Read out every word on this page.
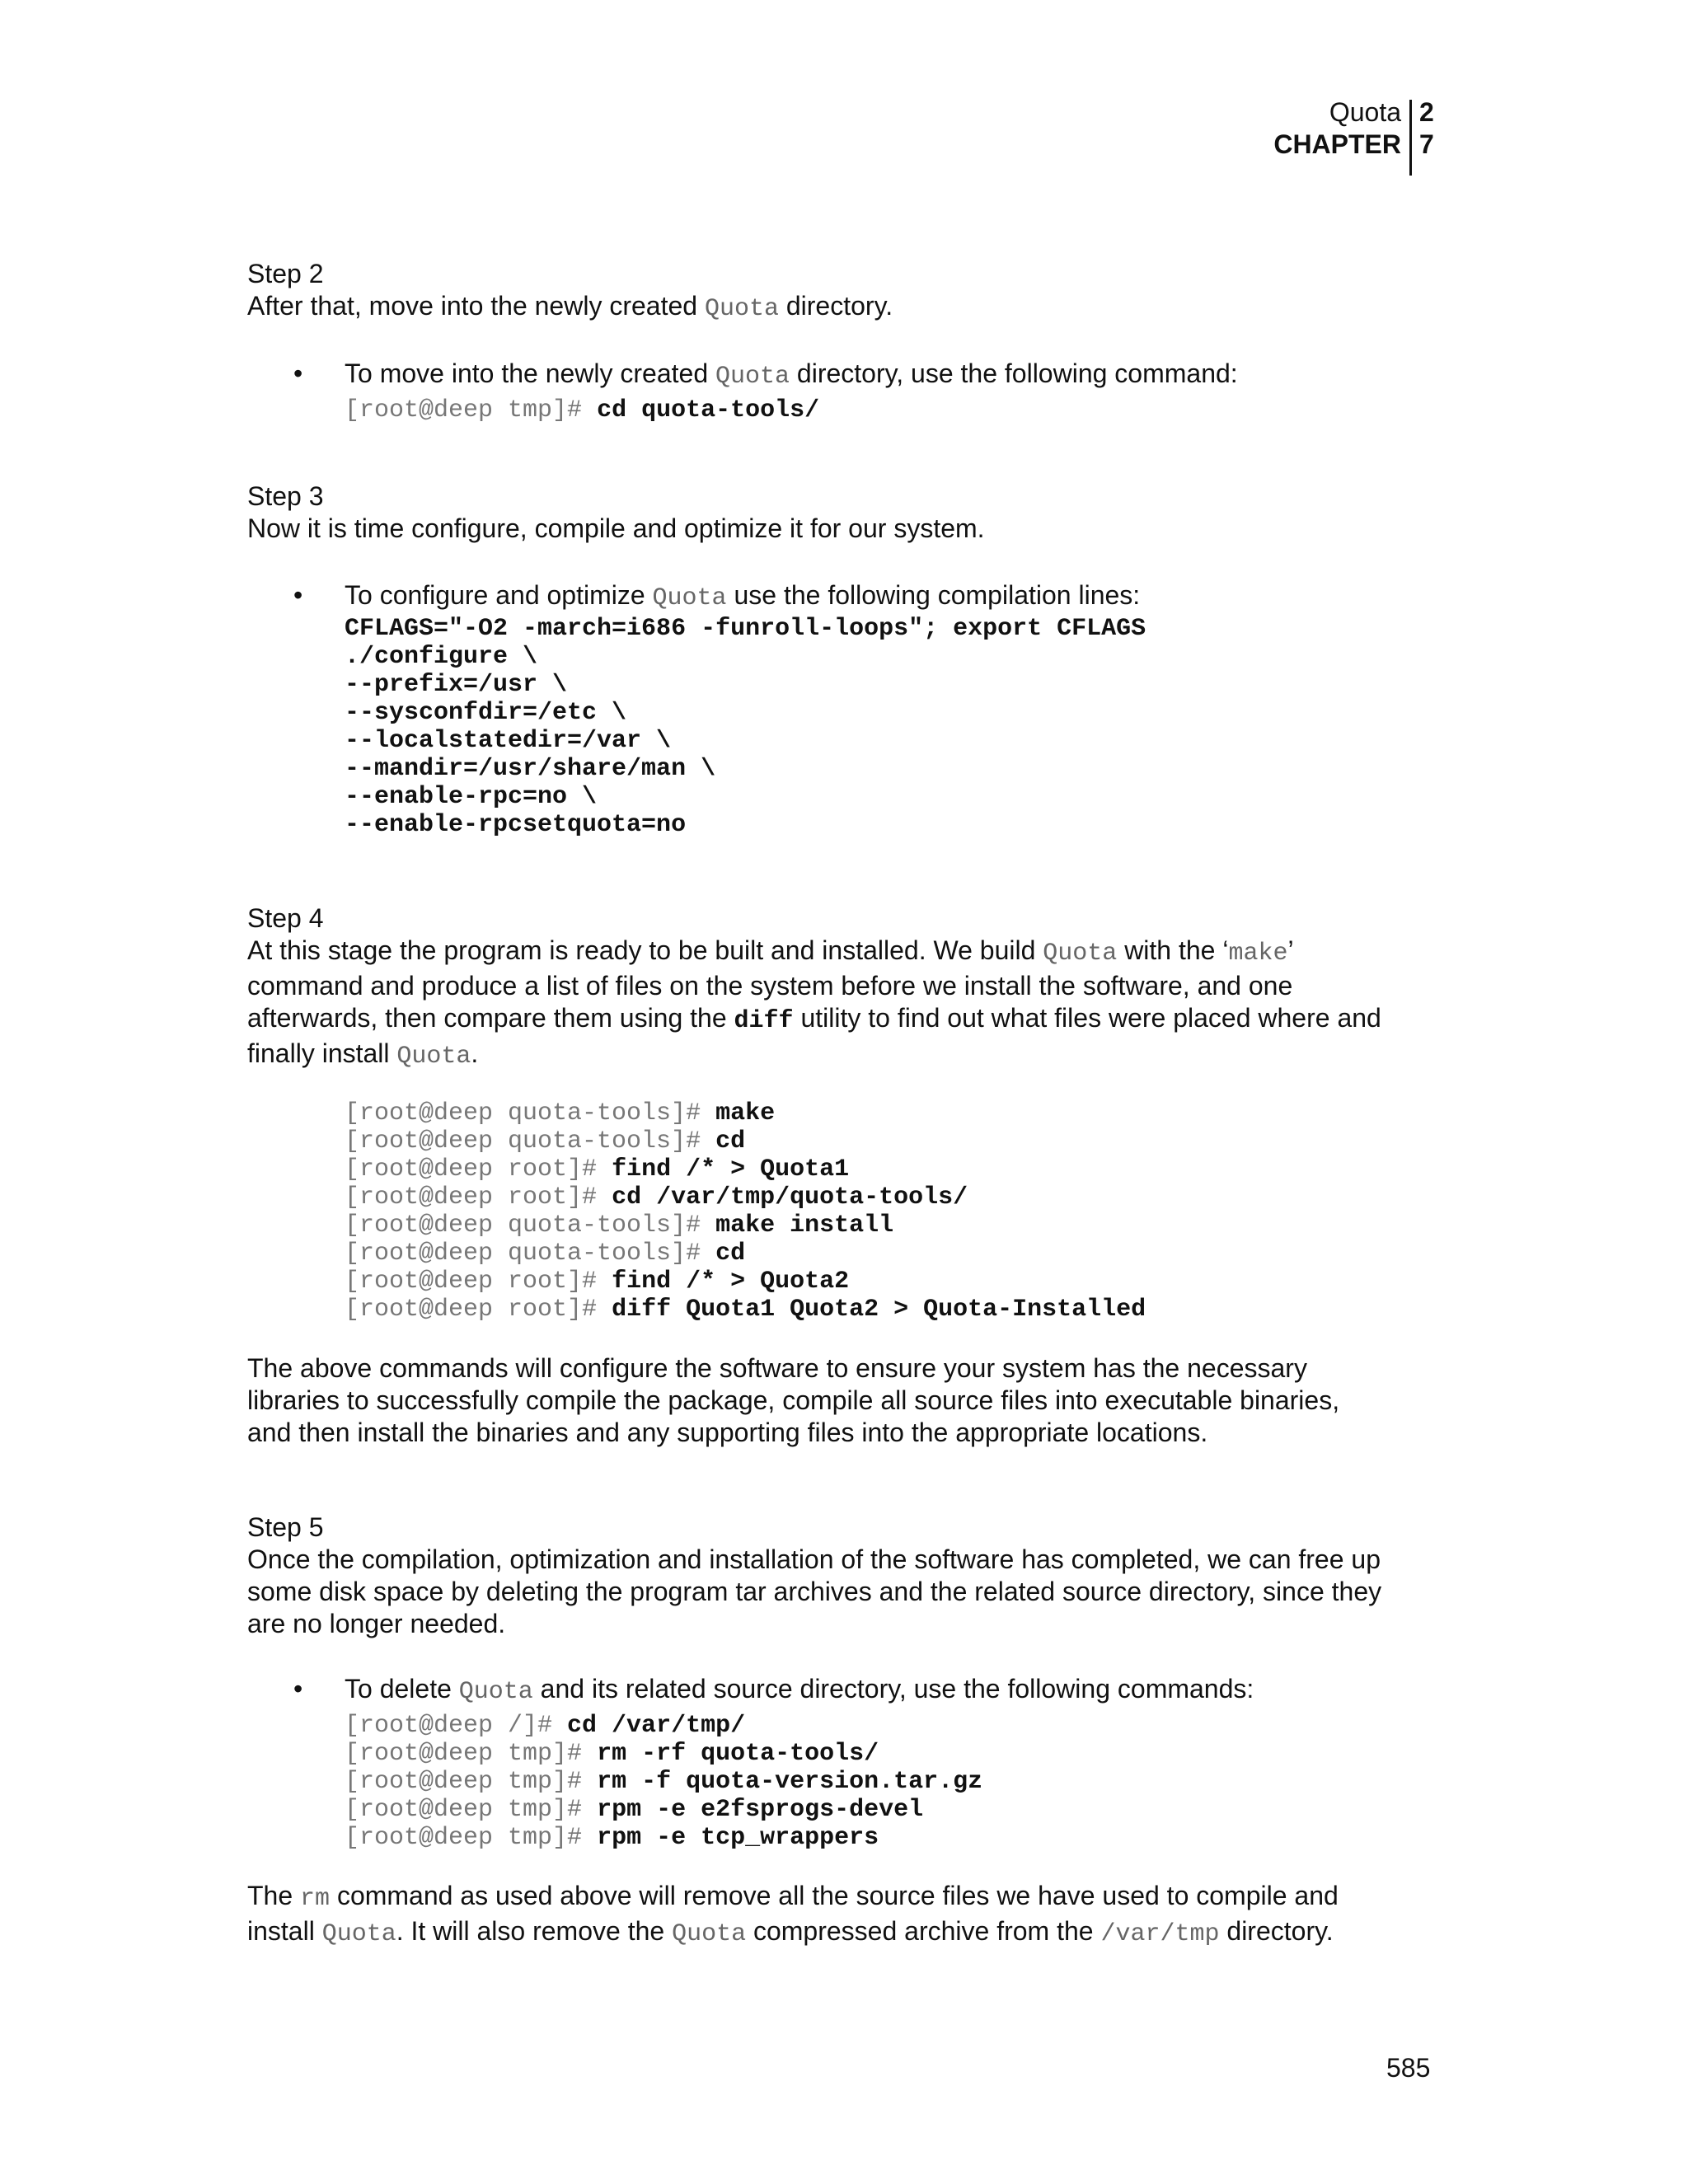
Quota
CHAPTER
2
7
Step 2
After that, move into the newly created Quota directory.
• To move into the newly created Quota directory, use the following command:
[root@deep tmp]# cd quota-tools/
Step 3
Now it is time configure, compile and optimize it for our system.
• To configure and optimize Quota use the following compilation lines:
CFLAGS="-O2 -march=i686 -funroll-loops"; export CFLAGS
./configure \
--prefix=/usr \
--sysconfdir=/etc \
--localstatedir=/var \
--mandir=/usr/share/man \
--enable-rpc=no \
--enable-rpcsetquota=no
Step 4
At this stage the program is ready to be built and installed. We build Quota with the ‘make’
command and produce a list of files on the system before we install the software, and one
afterwards, then compare them using the diff utility to find out what files were placed where and
finally install Quota.
[root@deep quota-tools]# make
[root@deep quota-tools]# cd
[root@deep root]# find /* > Quota1
[root@deep root]# cd /var/tmp/quota-tools/
[root@deep quota-tools]# make install
[root@deep quota-tools]# cd
[root@deep root]# find /* > Quota2
[root@deep root]# diff Quota1 Quota2 > Quota-Installed
The above commands will configure the software to ensure your system has the necessary
libraries to successfully compile the package, compile all source files into executable binaries,
and then install the binaries and any supporting files into the appropriate locations.
Step 5
Once the compilation, optimization and installation of the software has completed, we can free up
some disk space by deleting the program tar archives and the related source directory, since they
are no longer needed.
• To delete Quota and its related source directory, use the following commands:
[root@deep /]# cd /var/tmp/
[root@deep tmp]# rm -rf quota-tools/
[root@deep tmp]# rm -f quota-version.tar.gz
[root@deep tmp]# rpm -e e2fsprogs-devel
[root@deep tmp]# rpm -e tcp_wrappers
The rm command as used above will remove all the source files we have used to compile and
install Quota. It will also remove the Quota compressed archive from the /var/tmp directory.
585
